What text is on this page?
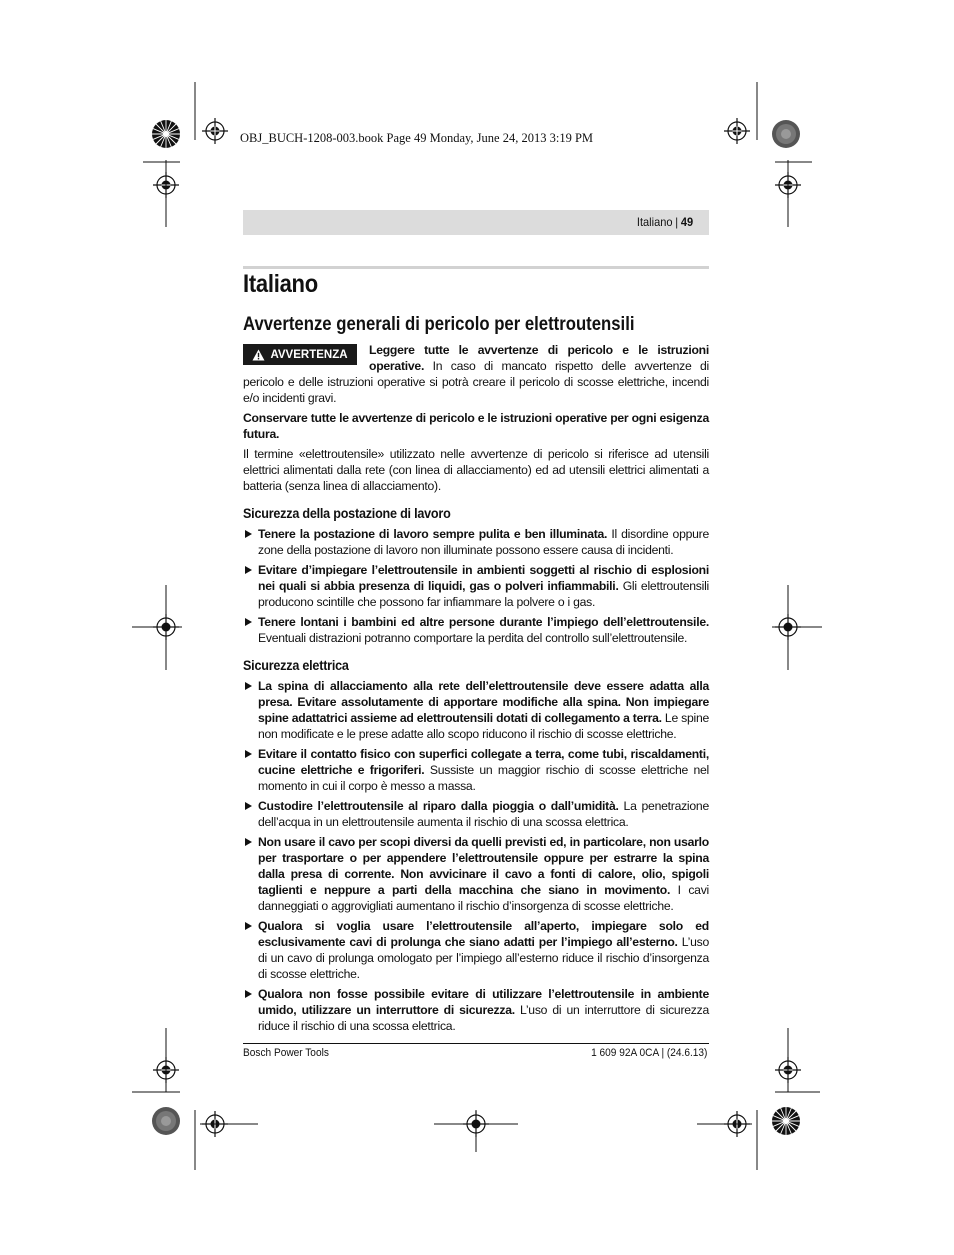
OBJ_BUCH-1208-003.book Page 49 Monday, June 24, 2013 3:19 PM
Italiano | 49
Italiano
Avvertenze generali di pericolo per elettroutensili

AVVERTENZA Leggere tutte le avvertenze di pericolo e le istruzioni operative. In caso di mancato rispetto delle avvertenze di pericolo e delle istruzioni operative si potrà creare il pericolo di scosse elettriche, incendi e/o incidenti gravi.

Conservare tutte le avvertenze di pericolo e le istruzioni operative per ogni esigenza futura.

Il termine «elettroutensile» utilizzato nelle avvertenze di pericolo si riferisce ad utensili elettrici alimentati dalla rete (con linea di allacciamento) ed ad utensili elettrici alimentati a batteria (senza linea di allacciamento).

Sicurezza della postazione di lavoro
Tenere la postazione di lavoro sempre pulita e ben illuminata. Il disordine oppure zone della postazione di lavoro non illuminate possono essere causa di incidenti.
Evitare d’impiegare l’elettroutensile in ambienti soggetti al rischio di esplosioni nei quali si abbia presenza di liquidi, gas o polveri infiammabili. Gli elettroutensili producono scintille che possono far infiammare la polvere o i gas.
Tenere lontani i bambini ed altre persone durante l’impiego dell’elettroutensile. Eventuali distrazioni potranno comportare la perdita del controllo sull’elettroutensile.
Sicurezza elettrica
La spina di allacciamento alla rete dell’elettroutensile deve essere adatta alla presa. Evitare assolutamente di apportare modifiche alla spina. Non impiegare spine adattatrici assieme ad elettroutensili dotati di collegamento a terra. Le spine non modificate e le prese adatte allo scopo riducono il rischio di scosse elettriche.
Evitare il contatto fisico con superfici collegate a terra, come tubi, riscaldamenti, cucine elettriche e frigoriferi. Sussiste un maggior rischio di scosse elettriche nel momento in cui il corpo è messo a massa.
Custodire l’elettroutensile al riparo dalla pioggia o dall’umidità. La penetrazione dell’acqua in un elettroutensile aumenta il rischio di una scossa elettrica.
Non usare il cavo per scopi diversi da quelli previsti ed, in particolare, non usarlo per trasportare o per appendere l’elettroutensile oppure per estrarre la spina dalla presa di corrente. Non avvicinare il cavo a fonti di calore, olio, spigoli taglienti e neppure a parti della macchina che siano in movimento. I cavi danneggiati o aggrovigliati aumentano il rischio d’insorgenza di scosse elettriche.
Qualora si voglia usare l’elettroutensile all’aperto, impiegare solo ed esclusivamente cavi di prolunga che siano adatti per l’impiego all’esterno. L’uso di un cavo di prolunga omologato per l’impiego all’esterno riduce il rischio d’insorgenza di scosse elettriche.
Qualora non fosse possibile evitare di utilizzare l’elettroutensile in ambiente umido, utilizzare un interruttore di sicurezza. L’uso di un interruttore di sicurezza riduce il rischio di una scossa elettrica.
Bosch Power Tools	1 609 92A 0CA | (24.6.13)
